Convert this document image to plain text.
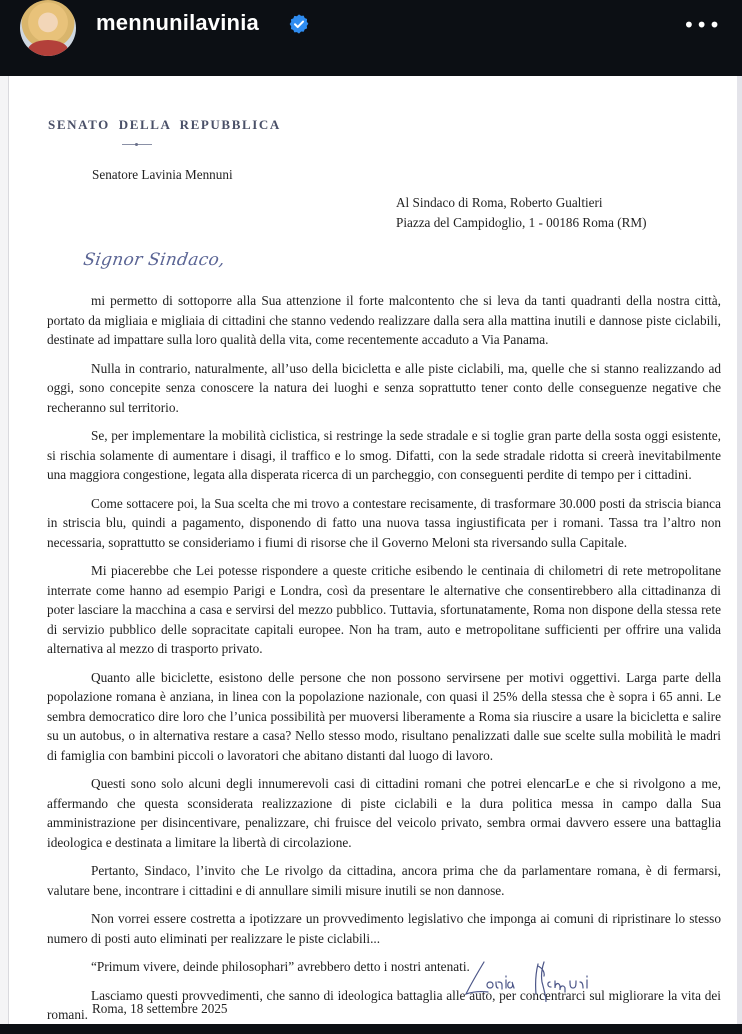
mennunilavinia	•••
SENATO DELLA REPUBBLICA
Senatore Lavinia Mennuni
Al Sindaco di Roma, Roberto Gualtieri
Piazza del Campidoglio, 1 - 00186 Roma (RM)
Signor Sindaco,

mi permetto di sottoporre alla Sua attenzione il forte malcontento che si leva da tanti quadranti della nostra città, portato da migliaia e migliaia di cittadini che stanno vedendo realizzare dalla sera alla mattina inutili e dannose piste ciclabili, destinate ad impattare sulla loro qualità della vita, come recentemente accaduto a Via Panama.

Nulla in contrario, naturalmente, all’uso della bicicletta e alle piste ciclabili, ma, quelle che si stanno realizzando ad oggi, sono concepite senza conoscere la natura dei luoghi e senza soprattutto tener conto delle conseguenze negative che recheranno sul territorio.

Se, per implementare la mobilità ciclistica, si restringe la sede stradale e si toglie gran parte della sosta oggi esistente, si rischia solamente di aumentare i disagi, il traffico e lo smog. Difatti, con la sede stradale ridotta si creerà inevitabilmente una maggiora congestione, legata alla disperata ricerca di un parcheggio, con conseguenti perdite di tempo per i cittadini.

Come sottacere poi, la Sua scelta che mi trovo a contestare recisamente, di trasformare 30.000 posti da striscia bianca in striscia blu, quindi a pagamento, disponendo di fatto una nuova tassa ingiustificata per i romani. Tassa tra l’altro non necessaria, soprattutto se consideriamo i fiumi di risorse che il Governo Meloni sta riversando sulla Capitale.

Mi piacerebbe che Lei potesse rispondere a queste critiche esibendo le centinaia di chilometri di rete metropolitane interrate come hanno ad esempio Parigi e Londra, così da presentare le alternative che consentirebbero alla cittadinanza di poter lasciare la macchina a casa e servirsi del mezzo pubblico. Tuttavia, sfortunatamente, Roma non dispone della stessa rete di servizio pubblico delle sopracitate capitali europee. Non ha tram, auto e metropolitane sufficienti per offrire una valida alternativa al mezzo di trasporto privato.

Quanto alle biciclette, esistono delle persone che non possono servirsene per motivi oggettivi. Larga parte della popolazione romana è anziana, in linea con la popolazione nazionale, con quasi il 25% della stessa che è sopra i 65 anni. Le sembra democratico dire loro che l’unica possibilità per muoversi liberamente a Roma sia riuscire a usare la bicicletta e salire su un autobus, o in alternativa restare a casa? Nello stesso modo, risultano penalizzati dalle sue scelte sulla mobilità le madri di famiglia con bambini piccoli o lavoratori che abitano distanti dal luogo di lavoro.

Questi sono solo alcuni degli innumerevoli casi di cittadini romani che potrei elencarLe e che si rivolgono a me, affermando che questa sconsiderata realizzazione di piste ciclabili e la dura politica messa in campo dalla Sua amministrazione per disincentivare, penalizzare, chi fruisce del veicolo privato, sembra ormai davvero essere una battaglia ideologica e destinata a limitare la libertà di circolazione.

Pertanto, Sindaco, l’invito che Le rivolgo da cittadina, ancora prima che da parlamentare romana, è di fermarsi, valutare bene, incontrare i cittadini e di annullare simili misure inutili se non dannose.

Non vorrei essere costretta a ipotizzare un provvedimento legislativo che imponga ai comuni di ripristinare lo stesso numero di posti auto eliminati per realizzare le piste ciclabili...

“Primum vivere, deinde philosophari” avrebbero detto i nostri antenati.

Lasciamo questi provvedimenti, che sanno di ideologica battaglia alle auto, per concentrarci sul migliorare la vita dei romani. Roma, 18 settembre 2025
